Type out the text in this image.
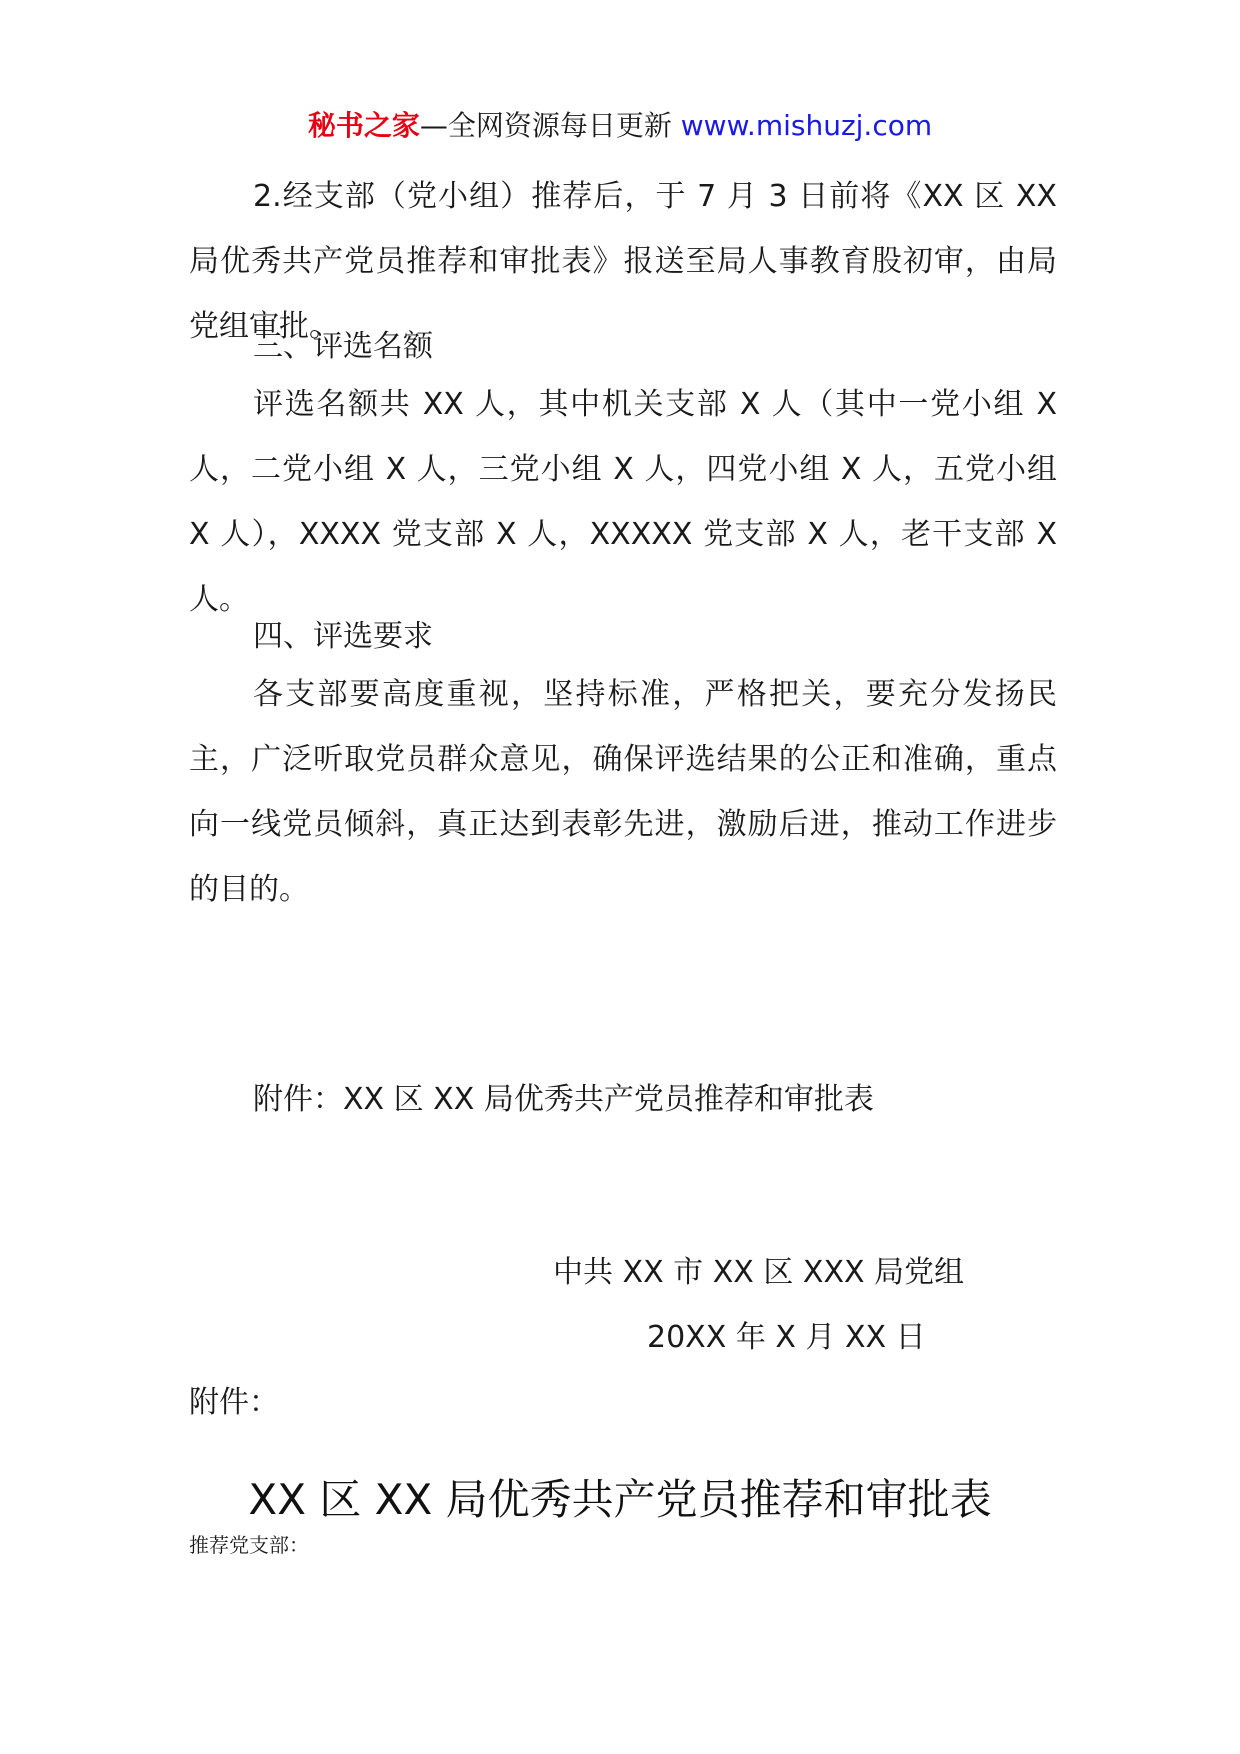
秘书之家—全网资源每日更新 www.mishuzj.com
2.经支部（党小组）推荐后，于 7 月 3 日前将《XX 区 XX 局优秀共产党员推荐和审批表》报送至局人事教育股初审，由局党组审批。
三、评选名额
评选名额共 XX 人，其中机关支部 X 人（其中一党小组 X 人，二党小组 X 人，三党小组 X 人，四党小组 X 人，五党小组 X 人），XXXX 党支部 X 人，XXXXX 党支部 X 人，老干支部 X 人。
四、评选要求
各支部要高度重视，坚持标准，严格把关，要充分发扬民主，广泛听取党员群众意见，确保评选结果的公正和准确，重点向一线党员倾斜，真正达到表彰先进，激励后进，推动工作进步的目的。
附件：XX 区 XX 局优秀共产党员推荐和审批表
中共 XX 市 XX 区 XXX 局党组
20XX 年 X 月 XX 日
附件：
XX 区 XX 局优秀共产党员推荐和审批表
推荐党支部：
